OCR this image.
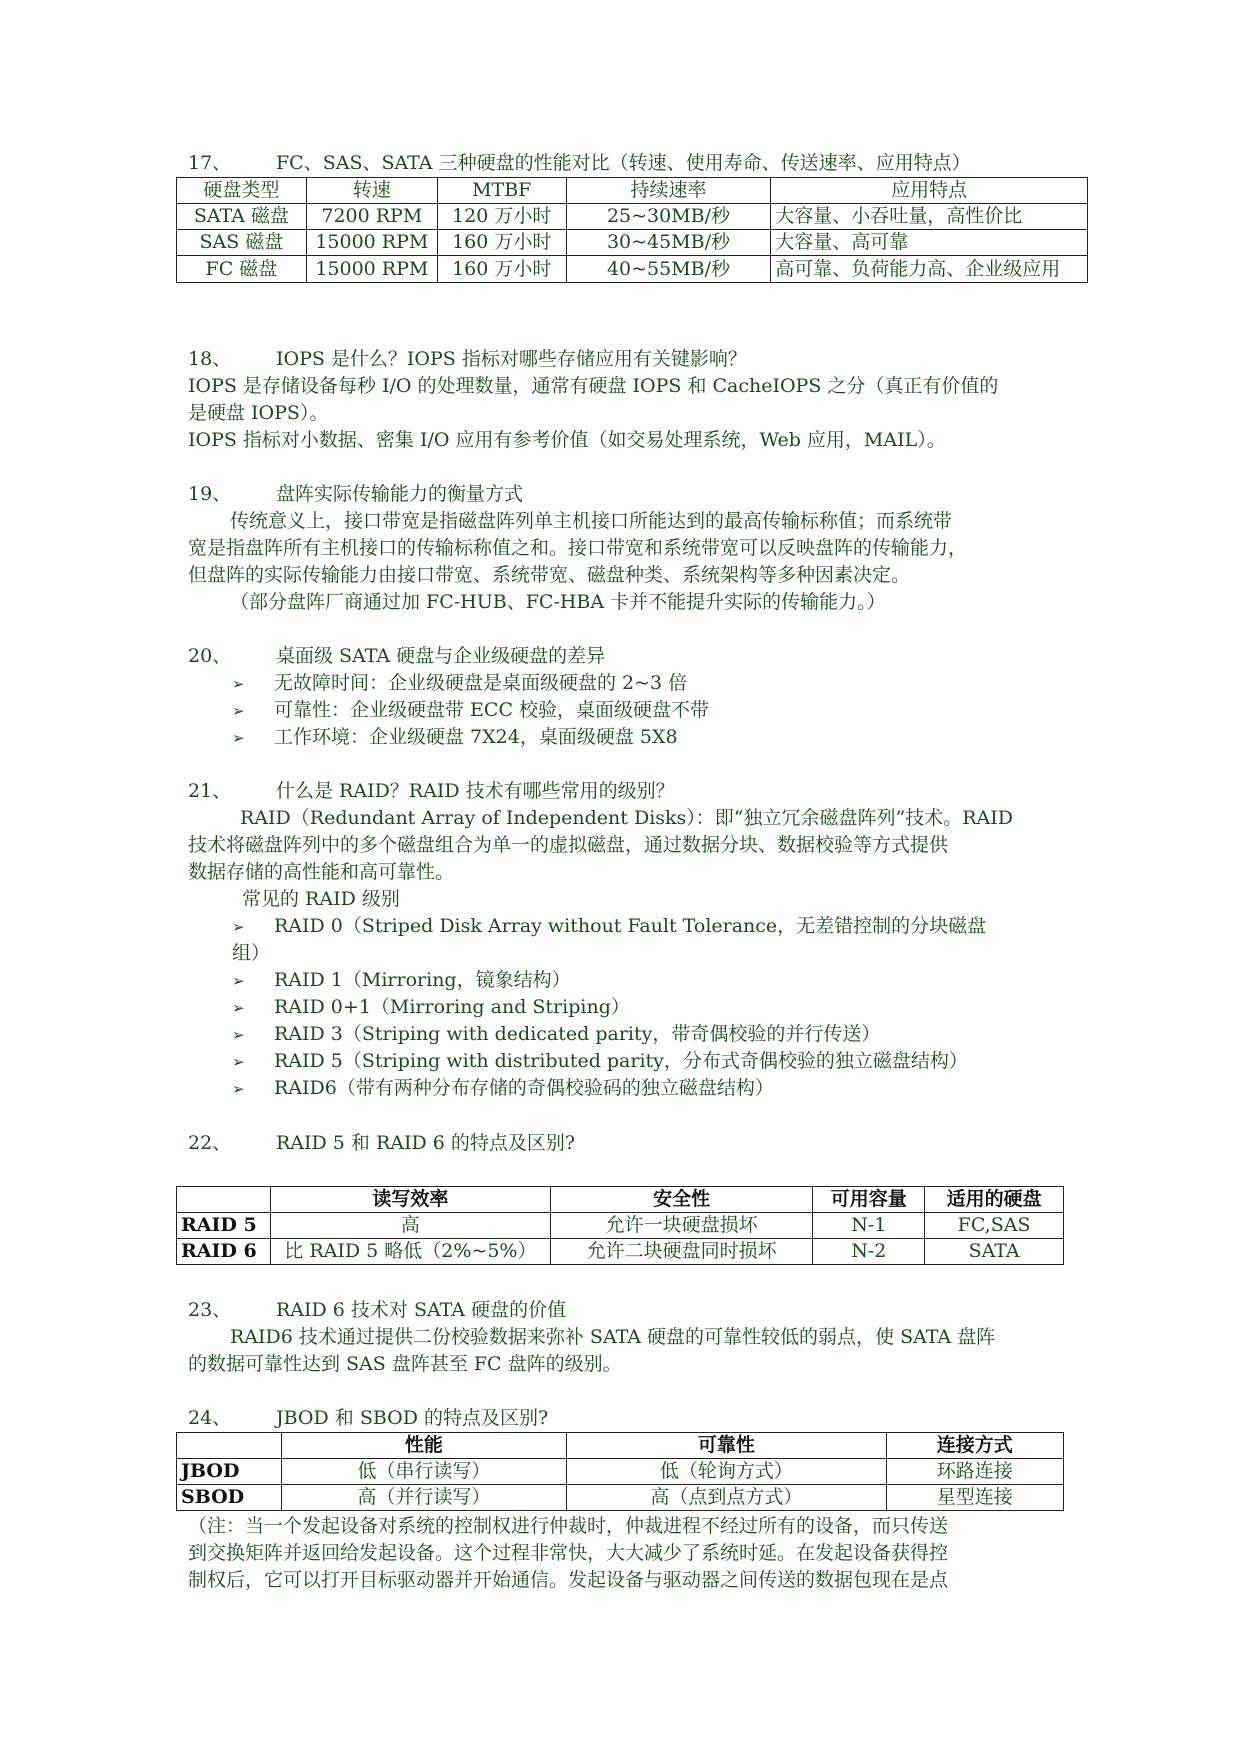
17、 FC、SAS、SATA 三种硬盘的性能对比（转速、使用寿命、传送速率、应用特点）
硬盘类型	转速	MTBF	持续速率	应用特点
SATA 磁盘	7200 RPM	120 万小时	25~30MB/秒	大容量、小吞吐量，高性价比
SAS 磁盘	15000 RPM	160 万小时	30~45MB/秒	大容量、高可靠
FC 磁盘	15000 RPM	160 万小时	40~55MB/秒	高可靠、负荷能力高、企业级应用
18、 IOPS 是什么？IOPS 指标对哪些存储应用有关键影响？
IOPS 是存储设备每秒 I/O 的处理数量，通常有硬盘 IOPS 和 CacheIOPS 之分（真正有价值的
是硬盘 IOPS）。
IOPS 指标对小数据、密集 I/O 应用有参考价值（如交易处理系统，Web 应用，MAIL）。
19、 盘阵实际传输能力的衡量方式
传统意义上，接口带宽是指磁盘阵列单主机接口所能达到的最高传输标称值；而系统带
宽是指盘阵所有主机接口的传输标称值之和。接口带宽和系统带宽可以反映盘阵的传输能力，
但盘阵的实际传输能力由接口带宽、系统带宽、磁盘种类、系统架构等多种因素决定。
（部分盘阵厂商通过加 FC-HUB、FC-HBA 卡并不能提升实际的传输能力。）
20、 桌面级 SATA 硬盘与企业级硬盘的差异
➢ 无故障时间：企业级硬盘是桌面级硬盘的 2~3 倍
➢ 可靠性：企业级硬盘带 ECC 校验，桌面级硬盘不带
➢ 工作环境：企业级硬盘 7X24，桌面级硬盘 5X8
21、 什么是 RAID？RAID 技术有哪些常用的级别？
RAID（Redundant Array of Independent Disks）：即“独立冗余磁盘阵列”技术。RAID
技术将磁盘阵列中的多个磁盘组合为单一的虚拟磁盘，通过数据分块、数据校验等方式提供
数据存储的高性能和高可靠性。
常见的 RAID 级别
➢ RAID 0（Striped Disk Array without Fault Tolerance，无差错控制的分块磁盘
组）
➢ RAID 1（Mirroring，镜象结构）
➢ RAID 0+1（Mirroring and Striping）
➢ RAID 3（Striping with dedicated parity，带奇偶校验的并行传送）
➢ RAID 5（Striping with distributed parity，分布式奇偶校验的独立磁盘结构）
➢ RAID6（带有两种分布存储的奇偶校验码的独立磁盘结构）
22、 RAID 5 和 RAID 6 的特点及区别?
	读写效率	安全性	可用容量	适用的硬盘
RAID 5	高	允许一块硬盘损坏	N-1	FC,SAS
RAID 6	比 RAID 5 略低（2%~5%）	允许二块硬盘同时损坏	N-2	SATA
23、 RAID 6 技术对 SATA 硬盘的价值
RAID6 技术通过提供二份校验数据来弥补 SATA 硬盘的可靠性较低的弱点，使 SATA 盘阵
的数据可靠性达到 SAS 盘阵甚至 FC 盘阵的级别。
24、 JBOD 和 SBOD 的特点及区别?
	性能	可靠性	连接方式
JBOD	低（串行读写）	低（轮询方式）	环路连接
SBOD	高（并行读写）	高（点到点方式）	星型连接
（注：当一个发起设备对系统的控制权进行仲裁时，仲裁进程不经过所有的设备，而只传送
到交换矩阵并返回给发起设备。这个过程非常快，大大减少了系统时延。在发起设备获得控
制权后，它可以打开目标驱动器并开始通信。发起设备与驱动器之间传送的数据包现在是点
